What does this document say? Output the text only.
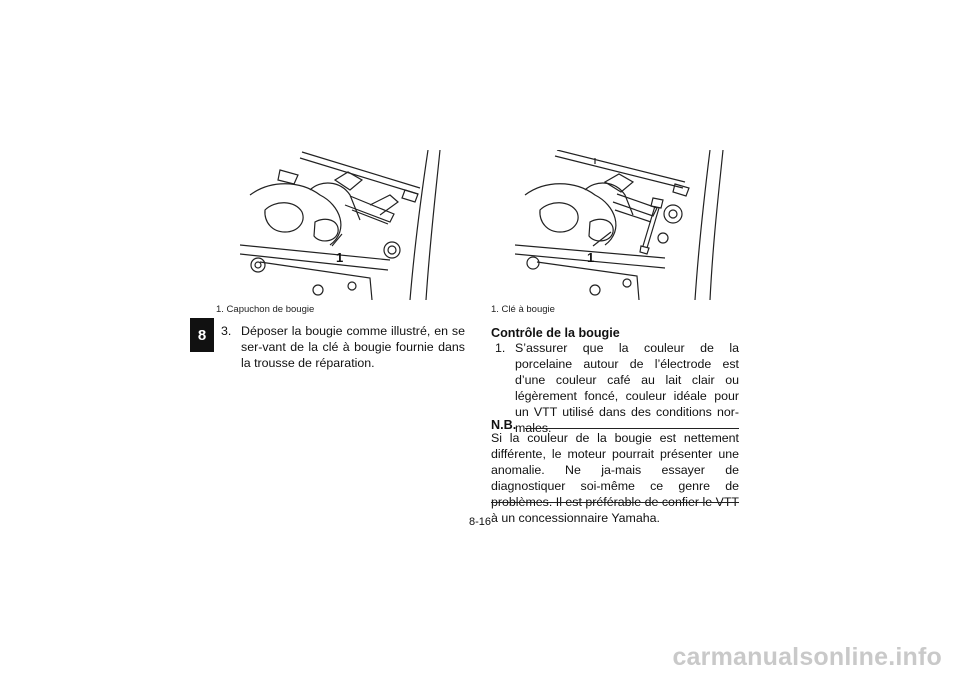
8
1
1. Capuchon de bougie
3. Déposer la bougie comme illustré, en se ser-vant de la clé à bougie fournie dans la trousse de réparation.
1
1. Clé à bougie
Contrôle de la bougie
1. S’assurer que la couleur de la porcelaine autour de l’électrode est d’une couleur café au lait clair ou légèrement foncé, couleur idéale pour un VTT utilisé dans des conditions nor-males.
N.B.
Si la couleur de la bougie est nettement différente, le moteur pourrait présenter une anomalie. Ne ja-mais essayer de diagnostiquer soi-même ce genre de problèmes. Il est préférable de confier le VTT à un concessionnaire Yamaha.
8-16
carmanualsonline.info
